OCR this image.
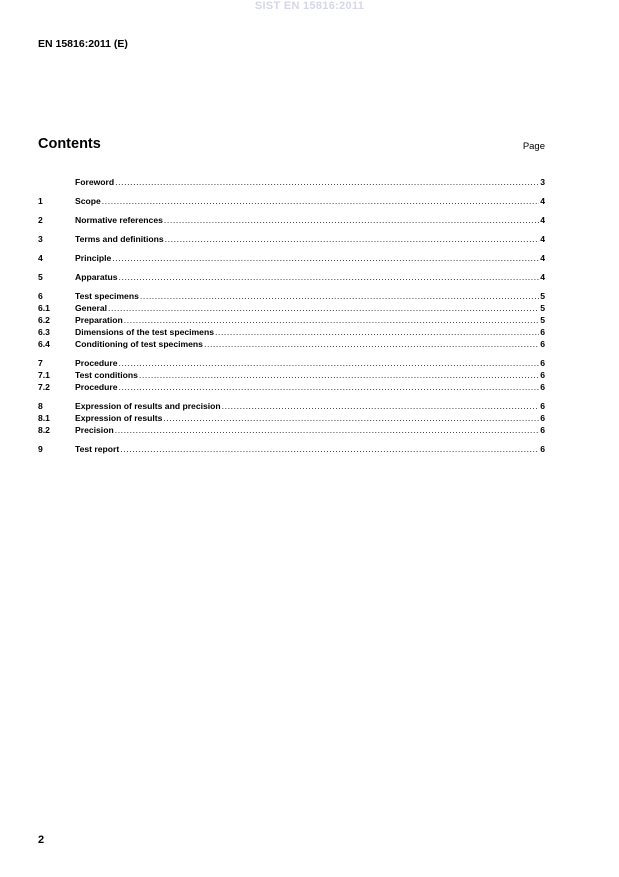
SIST EN 15816:2011
EN 15816:2011 (E)
Contents	Page
Foreword .....	3
1	Scope .....	4
2	Normative references .....	4
3	Terms and definitions .....	4
4	Principle .....	4
5	Apparatus .....	4
6	Test specimens .....	5
6.1	General .....	5
6.2	Preparation .....	5
6.3	Dimensions of the test specimens .....	6
6.4	Conditioning of test specimens .....	6
7	Procedure .....	6
7.1	Test conditions .....	6
7.2	Procedure .....	6
8	Expression of results and precision .....	6
8.1	Expression of results .....	6
8.2	Precision .....	6
9	Test report .....	6
2
